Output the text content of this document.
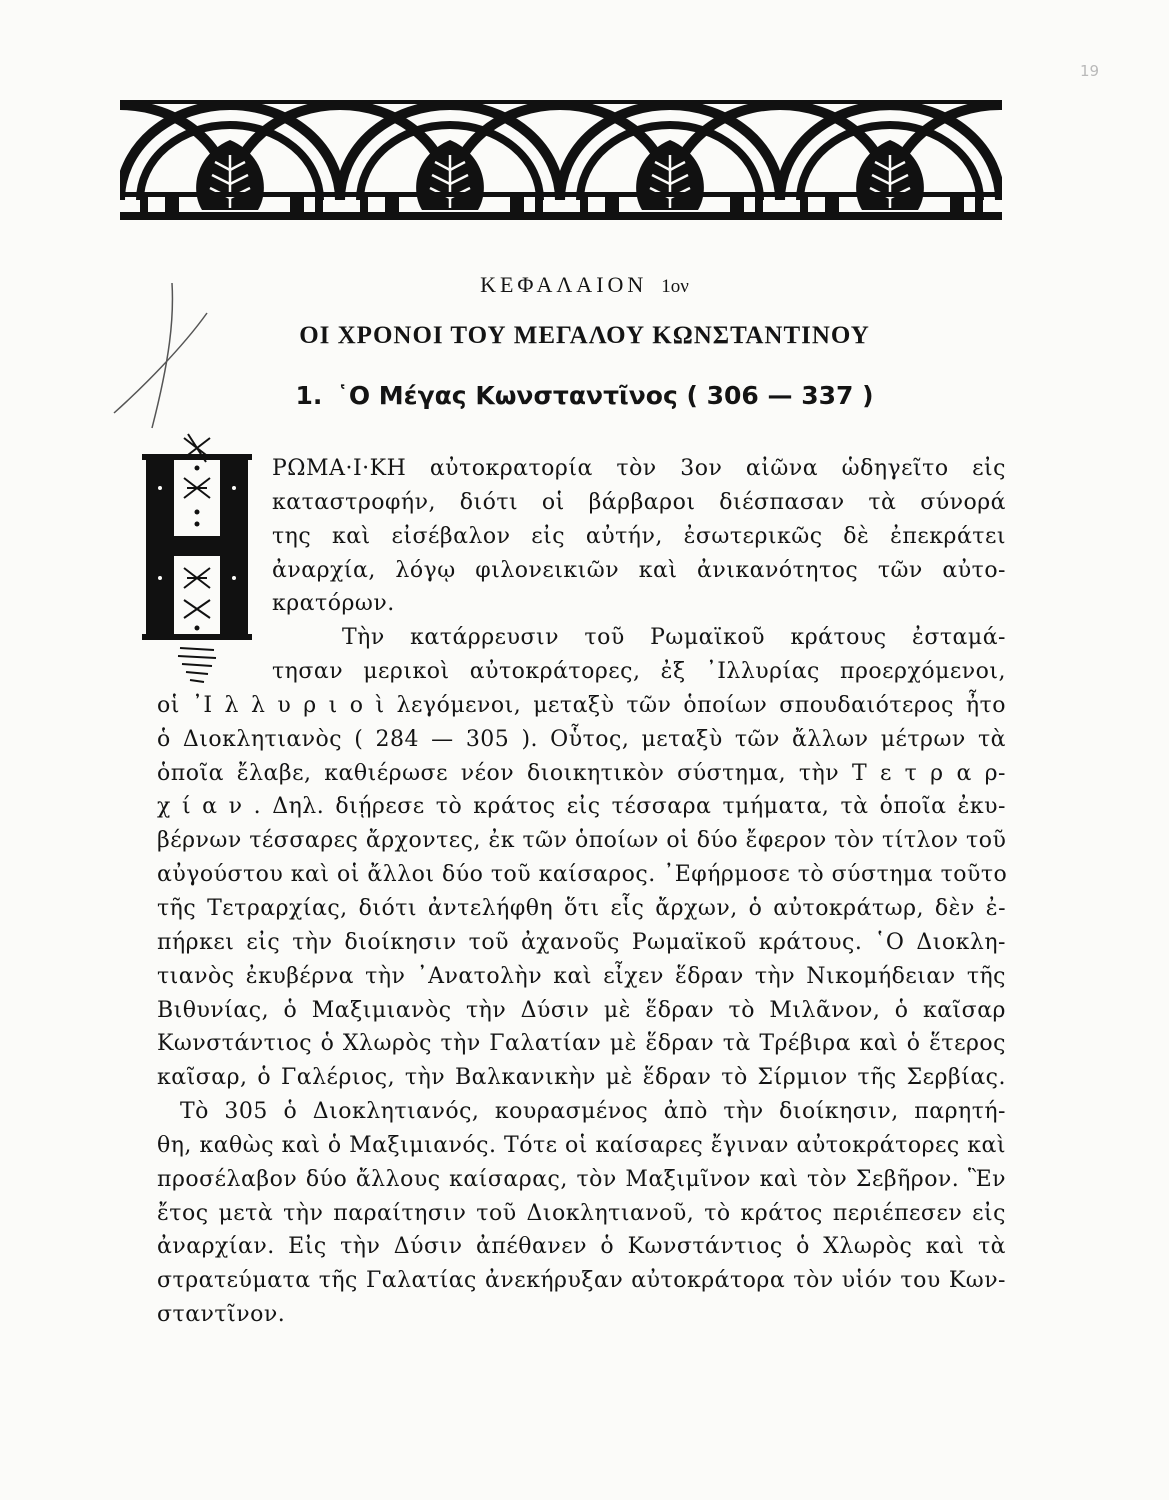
19
ΚΕΦΑΛΑΙΟΝ 1ον
ΟΙ ΧΡΟΝΟΙ ΤΟΥ ΜΕΓΑΛΟΥ ΚΩΝΣΤΑΝΤΙΝΟΥ
1. ῾Ο Μέγας Κωνσταντῖνος ( 306 — 337 )
ΡΩΜΑ·Ι·ΚΗ αὐτοκρατορία τὸν 3ον αἰῶνα ὡδηγεῖτο εἰς
καταστροφήν, διότι οἱ βάρβαροι διέσπασαν τὰ σύνορά
της καὶ εἰσέβαλον εἰς αὐτήν, ἐσωτερικῶς δὲ ἐπεκράτει
ἀναρχία, λόγῳ φιλονεικιῶν καὶ ἀνικανότητος τῶν αὐτο-
κρατόρων.
Τὴν κατάρρευσιν τοῦ Ρωμαϊκοῦ κράτους ἐσταμά-
τησαν μερικοὶ αὐτοκράτορες, ἐξ ᾽Ιλλυρίας προερχόμενοι,
οἱ ᾽Ι λ λ υ ρ ι ο ὶ λεγόμενοι, μεταξὺ τῶν ὁποίων σπουδαιότερος ἦτο
ὁ Διοκλητιανὸς ( 284 — 305 ). Οὗτος, μεταξὺ τῶν ἄλλων μέτρων τὰ
ὁποῖα ἔλαβε, καθιέρωσε νέον διοικητικὸν σύστημα, τὴν Τ ε τ ρ α ρ-
χ ί α ν . Δηλ. διῄρεσε τὸ κράτος εἰς τέσσαρα τμήματα, τὰ ὁποῖα ἐκυ-
βέρνων τέσσαρες ἄρχοντες, ἐκ τῶν ὁποίων οἱ δύο ἔφερον τὸν τίτλον τοῦ
αὐγούστου καὶ οἱ ἄλλοι δύο τοῦ καίσαρος. ᾽Εφήρμοσε τὸ σύστημα τοῦτο
τῆς Τετραρχίας, διότι ἀντελήφθη ὅτι εἷς ἄρχων, ὁ αὐτοκράτωρ, δὲν ἐ-
πήρκει εἰς τὴν διοίκησιν τοῦ ἀχανοῦς Ρωμαϊκοῦ κράτους. ῾Ο Διοκλη-
τιανὸς ἐκυβέρνα τὴν ᾽Ανατολὴν καὶ εἶχεν ἕδραν τὴν Νικομήδειαν τῆς
Βιθυνίας, ὁ Μαξιμιανὸς τὴν Δύσιν μὲ ἕδραν τὸ Μιλᾶνον, ὁ καῖσαρ
Κωνστάντιος ὁ Χλωρὸς τὴν Γαλατίαν μὲ ἕδραν τὰ Τρέβιρα καὶ ὁ ἕτερος
καῖσαρ, ὁ Γαλέριος, τὴν Βαλκανικὴν μὲ ἕδραν τὸ Σίρμιον τῆς Σερβίας.
Τὸ 305 ὁ Διοκλητιανός, κουρασμένος ἀπὸ τὴν διοίκησιν, παρητή-
θη, καθὼς καὶ ὁ Μαξιμιανός. Τότε οἱ καίσαρες ἔγιναν αὐτοκράτορες καὶ
προσέλαβον δύο ἄλλους καίσαρας, τὸν Μαξιμῖνον καὶ τὸν Σεβῆρον. Ἓν
ἔτος μετὰ τὴν παραίτησιν τοῦ Διοκλητιανοῦ, τὸ κράτος περιέπεσεν εἰς
ἀναρχίαν. Εἰς τὴν Δύσιν ἀπέθανεν ὁ Κωνστάντιος ὁ Χλωρὸς καὶ τὰ
στρατεύματα τῆς Γαλατίας ἀνεκήρυξαν αὐτοκράτορα τὸν υἱόν του Κων-
σταντῖνον.
